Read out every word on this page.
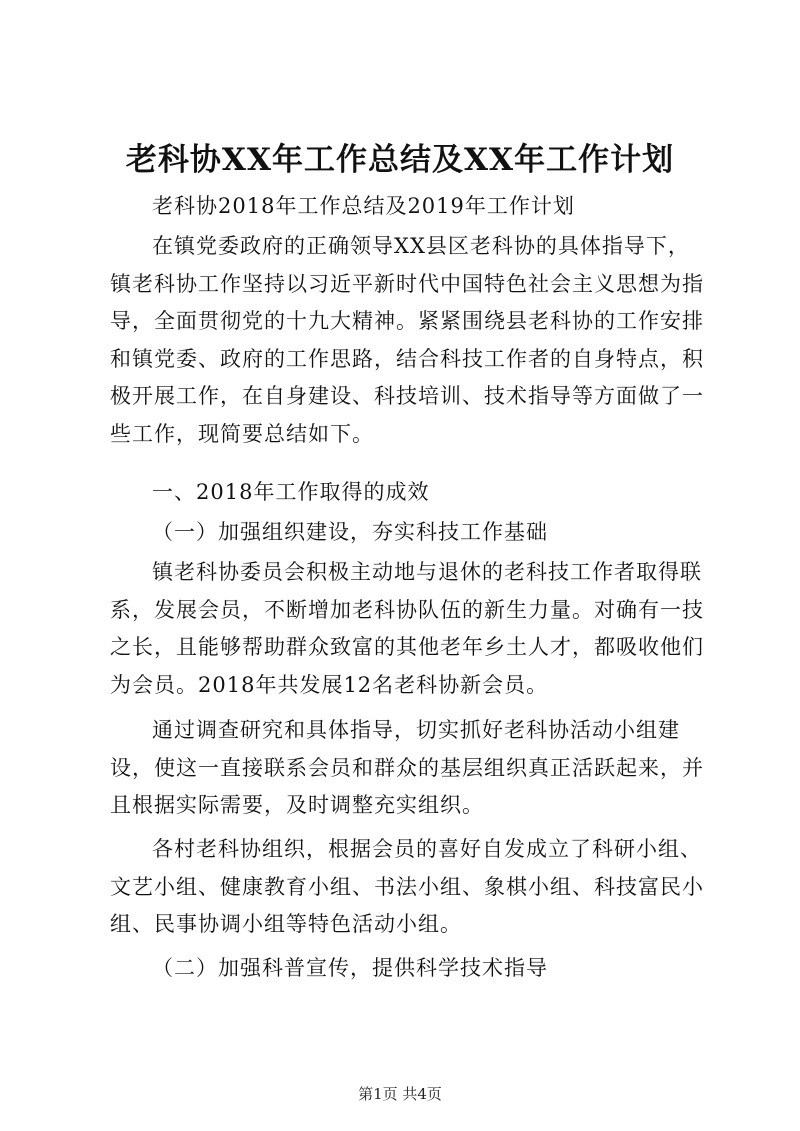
老科协XX年工作总结及XX年工作计划
老科协2018年工作总结及2019年工作计划
在镇党委政府的正确领导XX县区老科协的具体指导下，镇老科协工作坚持以习近平新时代中国特色社会主义思想为指导，全面贯彻党的十九大精神。紧紧围绕县老科协的工作安排和镇党委、政府的工作思路，结合科技工作者的自身特点，积极开展工作，在自身建设、科技培训、技术指导等方面做了一些工作，现简要总结如下。
一、2018年工作取得的成效
（一）加强组织建设，夯实科技工作基础
镇老科协委员会积极主动地与退休的老科技工作者取得联系，发展会员，不断增加老科协队伍的新生力量。对确有一技之长，且能够帮助群众致富的其他老年乡土人才，都吸收他们为会员。2018年共发展12名老科协新会员。
通过调查研究和具体指导，切实抓好老科协活动小组建设，使这一直接联系会员和群众的基层组织真正活跃起来，并且根据实际需要，及时调整充实组织。
各村老科协组织，根据会员的喜好自发成立了科研小组、文艺小组、健康教育小组、书法小组、象棋小组、科技富民小组、民事协调小组等特色活动小组。
（二）加强科普宣传，提供科学技术指导
第1页 共4页
